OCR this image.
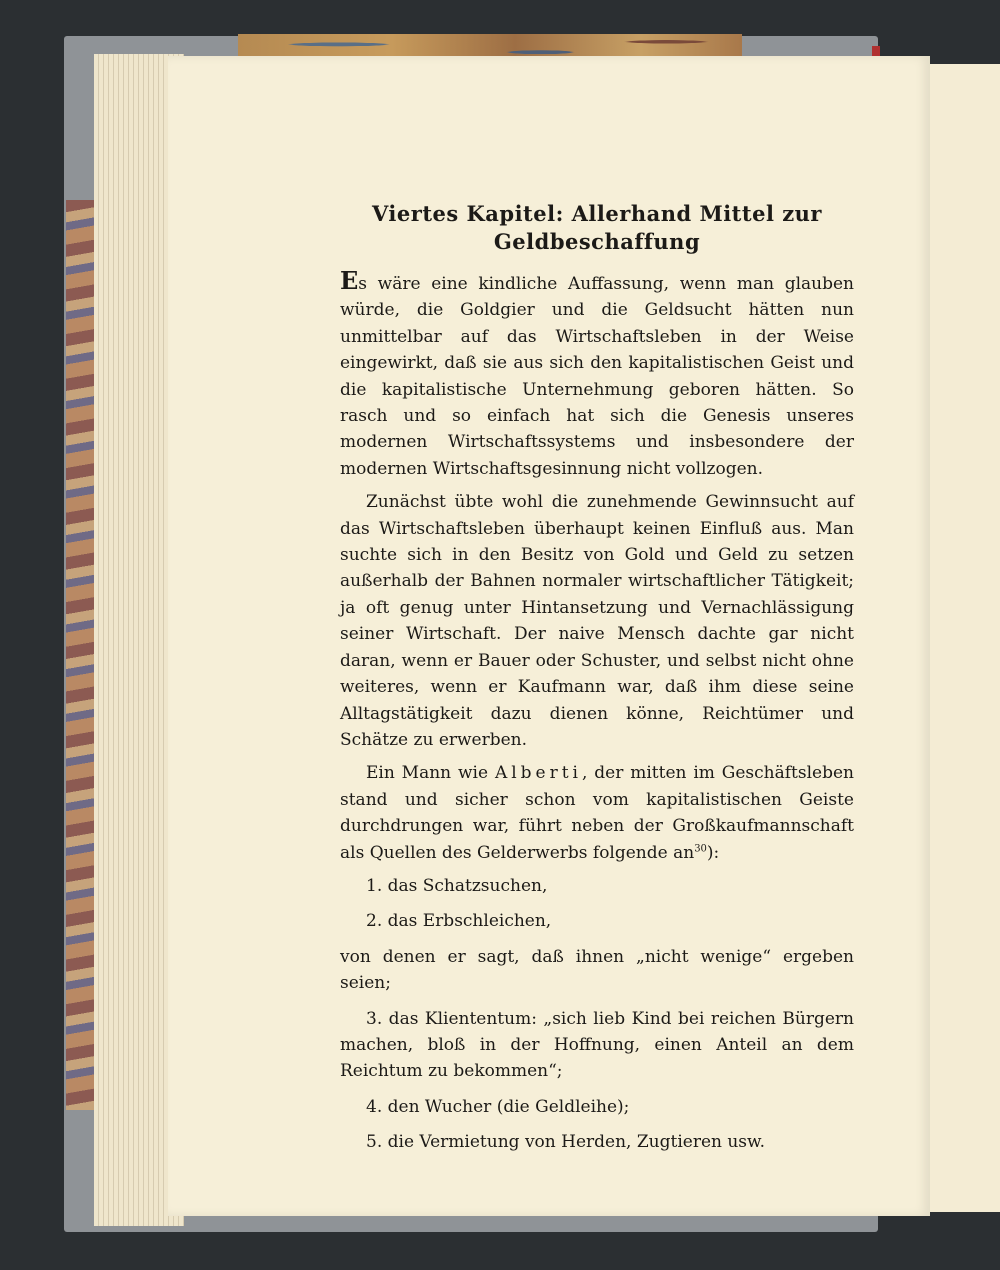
Viertes Kapitel: Allerhand Mittel zur Geldbeschaffung

Es wäre eine kindliche Auffassung, wenn man glauben würde, die Goldgier und die Geldsucht hätten nun unmittelbar auf das Wirtschaftsleben in der Weise eingewirkt, daß sie aus sich den kapitalistischen Geist und die kapitalistische Unternehmung geboren hätten. So rasch und so einfach hat sich die Genesis unseres modernen Wirtschaftssystems und insbesondere der modernen Wirtschaftsgesinnung nicht vollzogen.

Zunächst übte wohl die zunehmende Gewinnsucht auf das Wirtschaftsleben überhaupt keinen Einfluß aus. Man suchte sich in den Besitz von Gold und Geld zu setzen außerhalb der Bahnen normaler wirtschaftlicher Tätigkeit; ja oft genug unter Hintansetzung und Vernachlässigung seiner Wirtschaft. Der naive Mensch dachte gar nicht daran, wenn er Bauer oder Schuster, und selbst nicht ohne weiteres, wenn er Kaufmann war, daß ihm diese seine Alltagstätigkeit dazu dienen könne, Reichtümer und Schätze zu erwerben.

Ein Mann wie Alberti, der mitten im Geschäftsleben stand und sicher schon vom kapitalistischen Geiste durchdrungen war, führt neben der Großkaufmannschaft als Quellen des Gelderwerbs folgende $an^{30}$):

1. das Schatzsuchen,

2. das Erbschleichen,

von denen er sagt, daß ihnen „nicht wenige“ ergeben seien;

3. das Kliententum: „sich lieb Kind bei reichen Bürgern machen, bloß in der Hoffnung, einen Anteil an dem Reichtum zu bekommen“;

4. den Wucher (die Geldleihe);

5. die Vermietung von Herden, Zugtieren usw.
